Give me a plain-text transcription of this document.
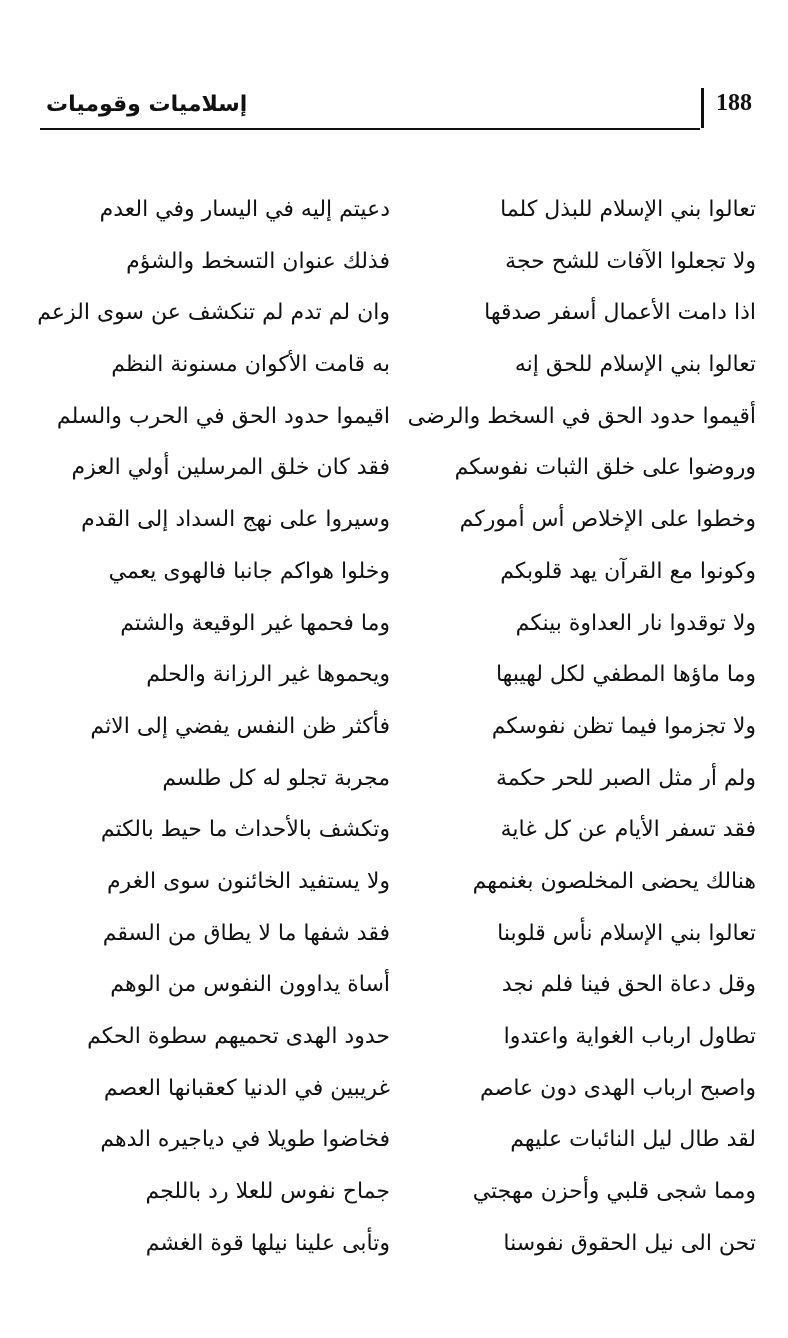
188
إسلاميات وقوميات
تعالوا بني الإسلام للبذل كلما
دعيتم إليه في اليسار وفي العدم
ولا تجعلوا الآفات للشح حجة
فذلك عنوان التسخط والشؤم
اذا دامت الأعمال أسفر صدقها
وان لم تدم لم تنكشف عن سوى الزعم
تعالوا بني الإسلام للحق إنه
به قامت الأكوان مسنونة النظم
أقيموا حدود الحق في السخط والرضى
اقيموا حدود الحق في الحرب والسلم
وروضوا على خلق الثبات نفوسكم
فقد كان خلق المرسلين أولي العزم
وخطوا على الإخلاص أس أموركم
وسيروا على نهج السداد إلى القدم
وكونوا مع القرآن يهد قلوبكم
وخلوا هواكم جانبا فالهوى يعمي
ولا توقدوا نار العداوة بينكم
وما فحمها غير الوقيعة والشتم
وما ماؤها المطفي لكل لهيبها
ويحموها غير الرزانة والحلم
ولا تجزموا فيما تظن نفوسكم
فأكثر ظن النفس يفضي إلى الاثم
ولم أر مثل الصبر للحر حكمة
مجربة تجلو له كل طلسم
فقد تسفر الأيام عن كل غاية
وتكشف بالأحداث ما حيط بالكتم
هنالك يحضى المخلصون بغنمهم
ولا يستفيد الخائنون سوى الغرم
تعالوا بني الإسلام نأس قلوبنا
فقد شفها ما لا يطاق من السقم
وقل دعاة الحق فينا فلم نجد
أساة يداوون النفوس من الوهم
تطاول ارباب الغواية واعتدوا
حدود الهدى تحميهم سطوة الحكم
واصبح ارباب الهدى دون عاصم
غريبين في الدنيا كعقبانها العصم
لقد طال ليل النائبات عليهم
فخاضوا طويلا في دياجيره الدهم
ومما شجى قلبي وأحزن مهجتي
جماح نفوس للعلا رد باللجم
تحن الى نيل الحقوق نفوسنا
وتأبى علينا نيلها قوة الغشم
